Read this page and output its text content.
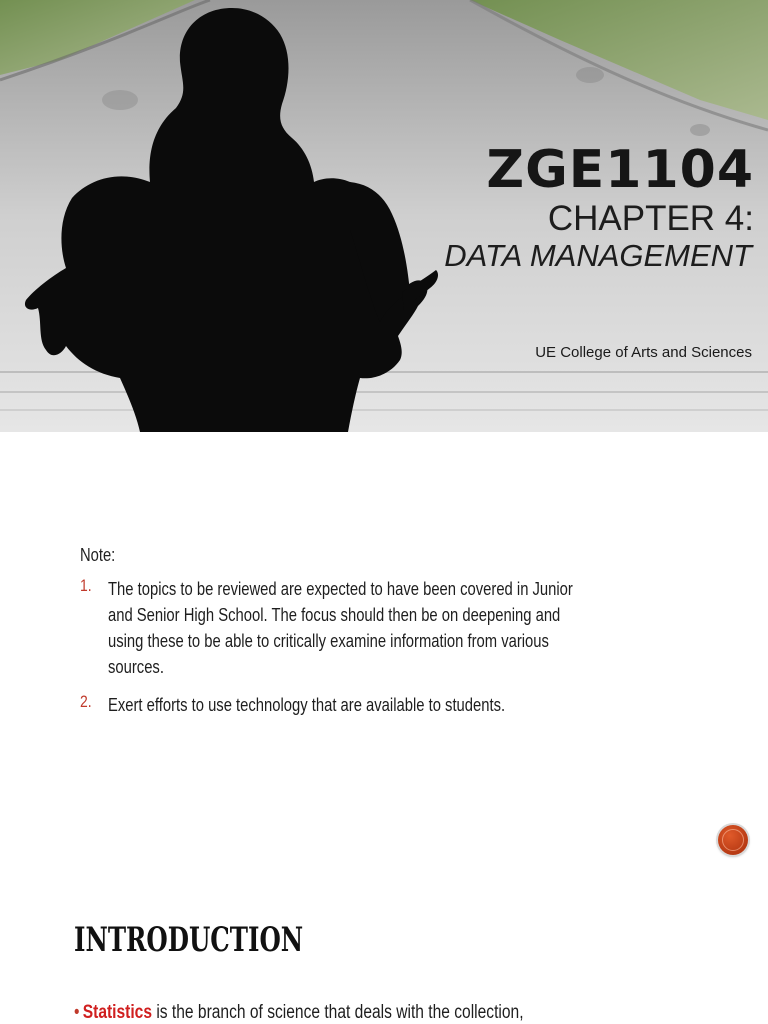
ZGE1104
CHAPTER 4:
DATA MANAGEMENT
UE College of Arts and Sciences
Note:
1. The topics to be reviewed are expected to have been covered in Junior and Senior High School. The focus should then be on deepening and using these to be able to critically examine information from various sources.
2. Exert efforts to use technology that are available to students.
INTRODUCTION
• Statistics is the branch of science that deals with the collection,
